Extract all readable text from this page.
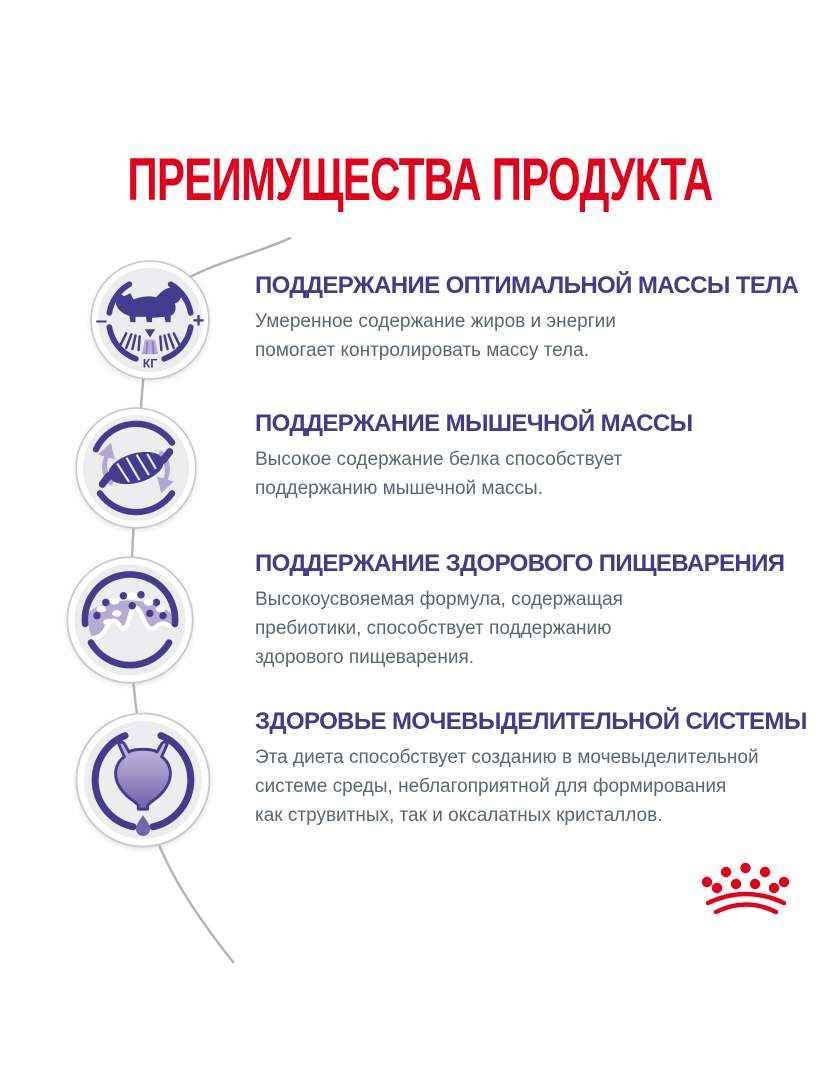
ПРЕИМУЩЕСТВА ПРОДУКТА
–	+
КГ
ПОДДЕРЖАНИЕ ОПТИМАЛЬНОЙ МАССЫ ТЕЛА
Умеренное содержание жиров и энергии
помогает контролировать массу тела.
ПОДДЕРЖАНИЕ МЫШЕЧНОЙ МАССЫ
Высокое содержание белка способствует
поддержанию мышечной массы.
ПОДДЕРЖАНИЕ ЗДОРОВОГО ПИЩЕВАРЕНИЯ
Высокоусвояемая формула, содержащая
пребиотики, способствует поддержанию
здорового пищеварения.
ЗДОРОВЬЕ МОЧЕВЫДЕЛИТЕЛЬНОЙ СИСТЕМЫ
Эта диета способствует созданию в мочевыделительной
системе среды, неблагоприятной для формирования
как струвитных, так и оксалатных кристаллов.
